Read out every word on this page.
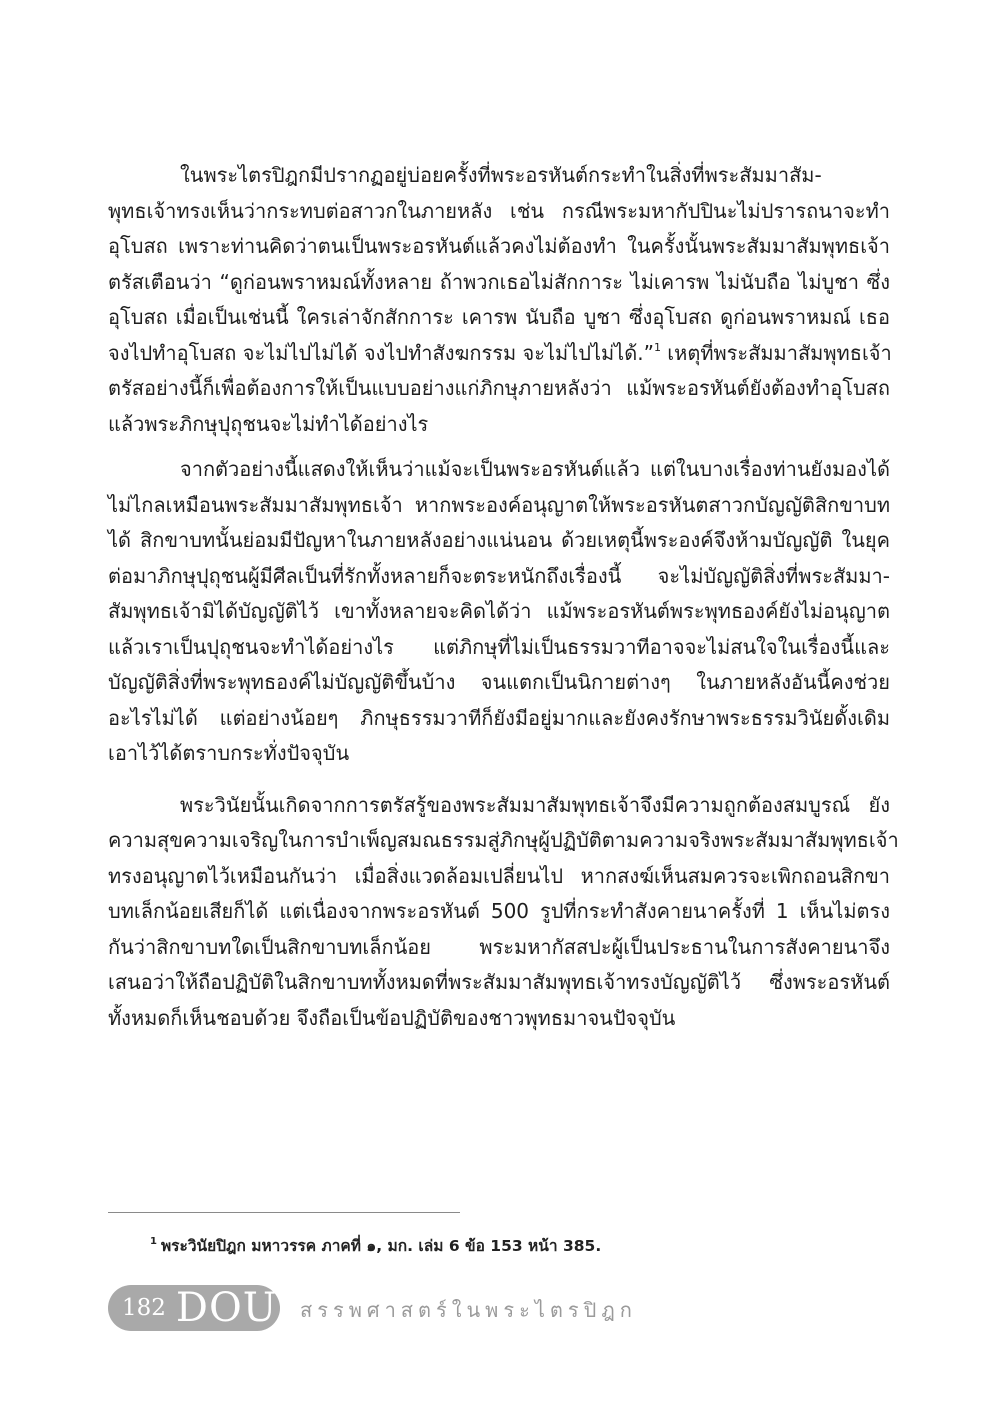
ในพระไตรปิฎกมีปรากฏอยู่บ่อยครั้งที่พระอรหันต์กระทำในสิ่งที่พระสัมมาสัม-
พุทธเจ้าทรงเห็นว่ากระทบต่อสาวกในภายหลัง เช่น กรณีพระมหากัปปินะไม่ปรารถนาจะทำ
อุโบสถ เพราะท่านคิดว่าตนเป็นพระอรหันต์แล้วคงไม่ต้องทำ ในครั้งนั้นพระสัมมาสัมพุทธเจ้า
ตรัสเตือนว่า “ดูก่อนพราหมณ์ทั้งหลาย ถ้าพวกเธอไม่สักการะ ไม่เคารพ ไม่นับถือ ไม่บูชา ซึ่ง
อุโบสถ เมื่อเป็นเช่นนี้ ใครเล่าจักสักการะ เคารพ นับถือ บูชา ซึ่งอุโบสถ ดูก่อนพราหมณ์ เธอ
จงไปทำอุโบสถ จะไม่ไปไม่ได้ จงไปทำสังฆกรรม จะไม่ไปไม่ได้.”$^1$ เหตุที่พระสัมมาสัมพุทธเจ้า
ตรัสอย่างนี้ก็เพื่อต้องการให้เป็นแบบอย่างแก่ภิกษุภายหลังว่า แม้พระอรหันต์ยังต้องทำอุโบสถ
แล้วพระภิกษุปุถุชนจะไม่ทำได้อย่างไร

จากตัวอย่างนี้แสดงให้เห็นว่าแม้จะเป็นพระอรหันต์แล้ว แต่ในบางเรื่องท่านยังมองได้
ไม่ไกลเหมือนพระสัมมาสัมพุทธเจ้า หากพระองค์อนุญาตให้พระอรหันตสาวกบัญญัติสิกขาบท
ได้ สิกขาบทนั้นย่อมมีปัญหาในภายหลังอย่างแน่นอน ด้วยเหตุนี้พระองค์จึงห้ามบัญญัติ ในยุค
ต่อมาภิกษุปุถุชนผู้มีศีลเป็นที่รักทั้งหลายก็จะตระหนักถึงเรื่องนี้ จะไม่บัญญัติสิ่งที่พระสัมมา-
สัมพุทธเจ้ามิได้บัญญัติไว้ เขาทั้งหลายจะคิดได้ว่า แม้พระอรหันต์พระพุทธองค์ยังไม่อนุญาต
แล้วเราเป็นปุถุชนจะทำได้อย่างไร แต่ภิกษุที่ไม่เป็นธรรมวาทีอาจจะไม่สนใจในเรื่องนี้และ
บัญญัติสิ่งที่พระพุทธองค์ไม่บัญญัติขึ้นบ้าง จนแตกเป็นนิกายต่างๆ ในภายหลังอันนี้คงช่วย
อะไรไม่ได้ แต่อย่างน้อยๆ ภิกษุธรรมวาทีก็ยังมีอยู่มากและยังคงรักษาพระธรรมวินัยดั้งเดิม
เอาไว้ได้ตราบกระทั่งปัจจุบัน

พระวินัยนั้นเกิดจากการตรัสรู้ของพระสัมมาสัมพุทธเจ้าจึงมีความถูกต้องสมบูรณ์ ยัง
ความสุขความเจริญในการบำเพ็ญสมณธรรมสู่ภิกษุผู้ปฏิบัติตามความจริงพระสัมมาสัมพุทธเจ้า
ทรงอนุญาตไว้เหมือนกันว่า เมื่อสิ่งแวดล้อมเปลี่ยนไป หากสงฆ์เห็นสมควรจะเพิกถอนสิกขา
บทเล็กน้อยเสียก็ได้ แต่เนื่องจากพระอรหันต์ 500 รูปที่กระทำสังคายนาครั้งที่ 1 เห็นไม่ตรง
กันว่าสิกขาบทใดเป็นสิกขาบทเล็กน้อย พระมหากัสสปะผู้เป็นประธานในการสังคายนาจึง
เสนอว่าให้ถือปฏิบัติในสิกขาบททั้งหมดที่พระสัมมาสัมพุทธเจ้าทรงบัญญัติไว้ ซึ่งพระอรหันต์
ทั้งหมดก็เห็นชอบด้วย จึงถือเป็นข้อปฏิบัติของชาวพุทธมาจนปัจจุบัน

$^1$ พระวินัยปิฎก มหาวรรค ภาคที่ ๑, มก. เล่ม 6 ข้อ 153 หน้า 385.
182 DOU สรรพศาสตร์ในพระไตรปิฎก
